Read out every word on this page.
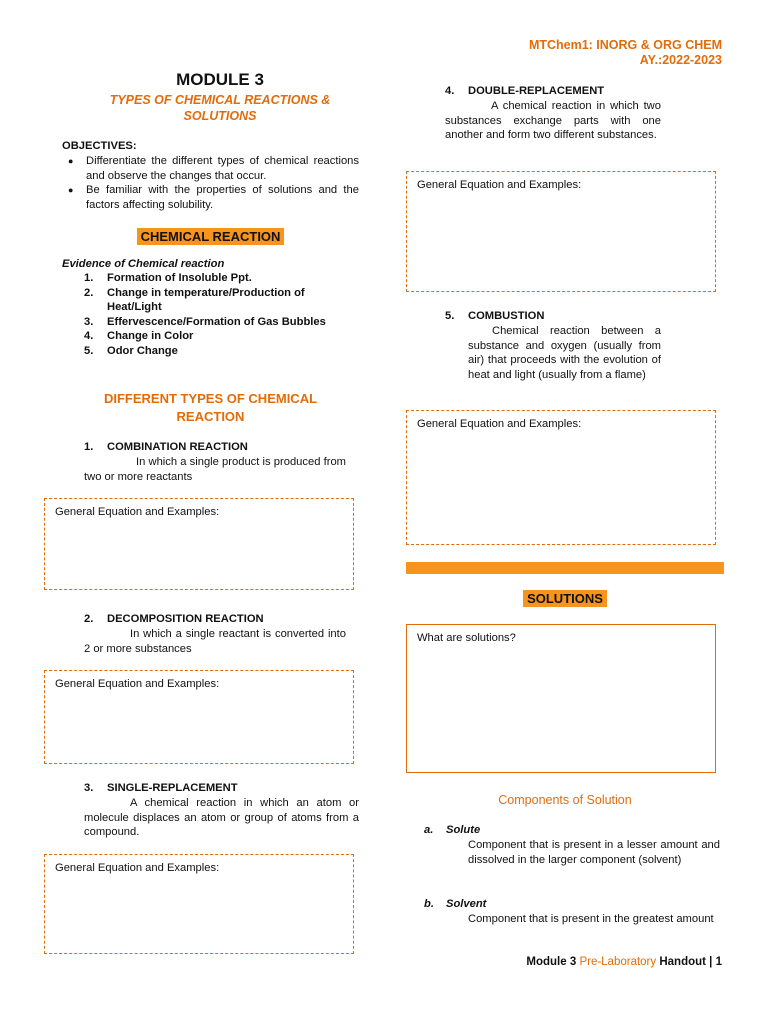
MTChem1: INORG & ORG CHEM
AY.:2022-2023
MODULE 3
TYPES OF CHEMICAL REACTIONS &
SOLUTIONS
OBJECTIVES:
● Differentiate the different types of chemical reactions and observe the changes that occur.
● Be familiar with the properties of solutions and the factors affecting solubility.
CHEMICAL REACTION
Evidence of Chemical reaction
1.	Formation of Insoluble Ppt.
2.	Change in temperature/Production of Heat/Light
3.	Effervescence/Formation of Gas Bubbles
4.	Change in Color
5.	Odor Change
DIFFERENT TYPES OF CHEMICAL
REACTION
1.	COMBINATION REACTION
In which a single product is produced from two or more reactants
General Equation and Examples:
2.	DECOMPOSITION REACTION
In which a single reactant is converted into 2 or more substances
General Equation and Examples:
3.	SINGLE-REPLACEMENT
A chemical reaction in which an atom or molecule displaces an atom or group of atoms from a compound.
General Equation and Examples:
4.	DOUBLE-REPLACEMENT
A chemical reaction in which two substances exchange parts with one another and form two different substances.
General Equation and Examples:
5.	COMBUSTION
Chemical reaction between a substance and oxygen (usually from air) that proceeds with the evolution of heat and light (usually from a flame)
General Equation and Examples:
SOLUTIONS
What are solutions?
Components of Solution
a.	Solute
Component that is present in a lesser amount and dissolved in the larger component (solvent)
b.	Solvent
Component that is present in the greatest amount
Module 3 Pre-Laboratory Handout | 1
